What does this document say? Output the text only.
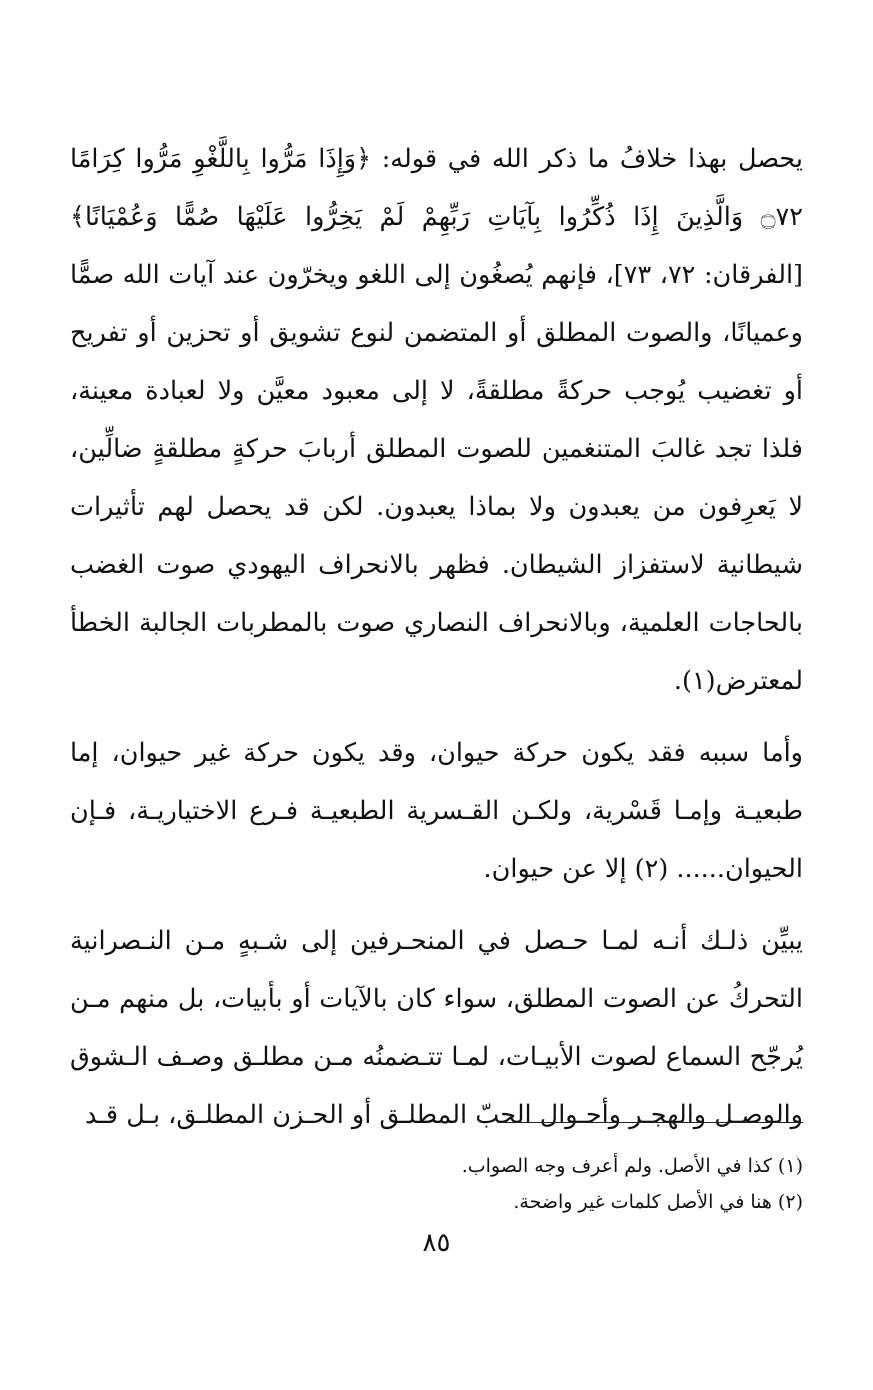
يحصل بهذا خلافُ ما ذكر الله في قوله: ﴿وَإِذَا مَرُّوا بِاللَّغْوِ مَرُّوا كِرَامًا ۝٧٢ وَالَّذِينَ إِذَا ذُكِّرُوا بِآيَاتِ رَبِّهِمْ لَمْ يَخِرُّوا عَلَيْهَا صُمًّا وَعُمْيَانًا﴾ [الفرقان: ٧٢، ٧٣]، فإنهم يُصغُون إلى اللغو ويخرّون عند آيات الله صمًّا وعميانًا، والصوت المطلق أو المتضمن لنوع تشويق أو تحزين أو تفريح أو تغضيب يُوجب حركةً مطلقةً، لا إلى معبود معيَّن ولا لعبادة معينة، فلذا تجد غالبَ المتنغمين للصوت المطلق أربابَ حركةٍ مطلقةٍ ضالِّين، لا يَعرِفون من يعبدون ولا بماذا يعبدون. لكن قد يحصل لهم تأثيرات شيطانية لاستفزاز الشيطان. فظهر بالانحراف اليهودي صوت الغضب بالحاجات العلمية، وبالانحراف النصاري صوت بالمطربات الجالبة الخطأ لمعترض(١).

وأما سببه فقد يكون حركة حيوان، وقد يكون حركة غير حيوان، إما طبعيـة وإمـا قَسْرية، ولكـن القـسرية الطبعيـة فـرع الاختياريـة، فـإن الحيوان...... (٢) إلا عن حيوان.

يبيِّن ذلـك أنـه لمـا حـصل في المنحـرفين إلى شـبهٍ مـن النـصرانية التحركُ عن الصوت المطلق، سواء كان بالآيات أو بأبيات، بل منهم مـن يُرجّح السماع لصوت الأبيـات، لمـا تتـضمنُه مـن مطلـق وصـف الـشوق والوصـل والهجـر وأحـوال الحبّ المطلـق أو الحـزن المطلـق، بـل قـد

(١) كذا في الأصل. ولم أعرف وجه الصواب.

(٢) هنا في الأصل كلمات غير واضحة.

٨٥
